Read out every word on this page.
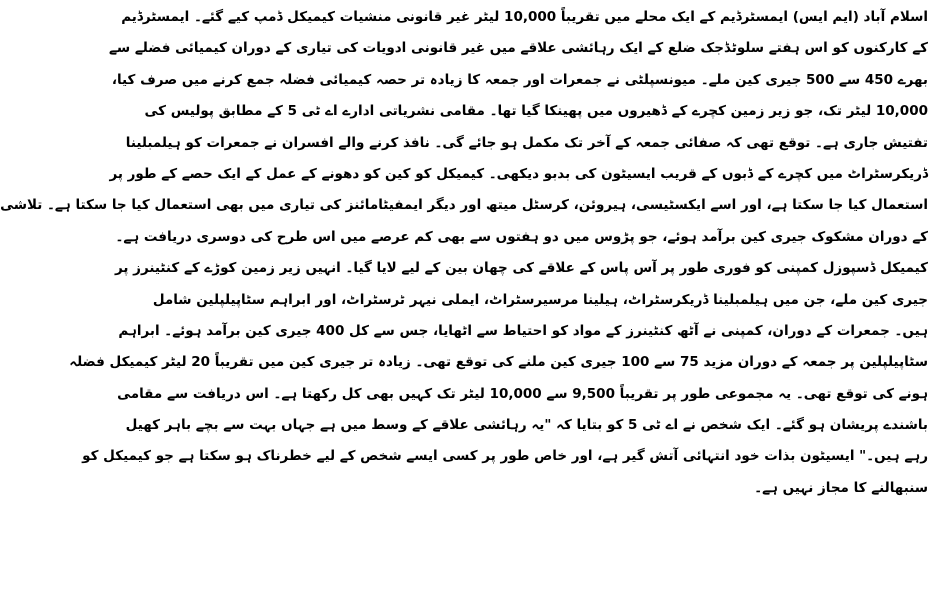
اسلام آباد (ایم ایس) ایمسٹرڈیم کے ایک محلے میں تقریباً 10,000 لیٹر غیر قانونی منشیات کیمیکل ڈمپ کیے گئے۔ ایمسٹرڈیم
کے کارکنوں کو اس ہفتے سلوٹڈجک ضلع کے ایک رہائشی علاقے میں غیر قانونی ادویات کی تیاری کے دوران کیمیائی فضلے سے
بھرے 450 سے 500 جیری کین ملے۔ میونسپلٹی نے جمعرات اور جمعہ کا زیادہ تر حصہ کیمیائی فضلہ جمع کرنے میں صرف کیا،
10,000 لیٹر تک، جو زیر زمین کچرے کے ڈھیروں میں پھینکا گیا تھا۔ مقامی نشریاتی ادارے اے ٹی 5 کے مطابق پولیس کی
تفتیش جاری ہے۔ توقع تھی کہ صفائی جمعہ کے آخر تک مکمل ہو جائے گی۔ نافذ کرنے والے افسران نے جمعرات کو ہیلمبلینا
ڈریکرسٹراٹ میں کچرے کے ڈبوں کے قریب ایسیٹون کی بدبو دیکھی۔ کیمیکل کو کین کو دھونے کے عمل کے ایک حصے کے طور پر
استعمال کیا جا سکتا ہے، اور اسے ایکسٹیسی، ہیروئن، کرسٹل میتھ اور دیگر ایمفیٹامائنز کی تیاری میں بھی استعمال کیا جا سکتا ہے۔ تلاشی
کے دوران مشکوک جیری کین برآمد ہوئے، جو پڑوس میں دو ہفتوں سے بھی کم عرصے میں اس طرح کی دوسری دریافت ہے۔
کیمیکل ڈسپوزل کمپنی کو فوری طور پر آس پاس کے علاقے کی چھان بین کے لیے لایا گیا۔ انہیں زیر زمین کوڑے کے کنٹینرز پر
جیری کین ملے، جن میں ہیلمبلینا ڈریکرسٹراٹ، ہیلینا مرسیرسٹراٹ، ایملی نیہر ٹرسٹراٹ، اور ابراہم سٹاپیلپلین شامل
ہیں۔ جمعرات کے دوران، کمپنی نے آٹھ کنٹینرز کے مواد کو احتیاط سے اٹھایا، جس سے کل 400 جیری کین برآمد ہوئے۔ ابراہم
سٹاپیلپلین پر جمعہ کے دوران مزید 75 سے 100 جیری کین ملنے کی توقع تھی۔ زیادہ تر جیری کین میں تقریباً 20 لیٹر کیمیکل فضلہ
ہونے کی توقع تھی۔ یہ مجموعی طور پر تقریباً 9,500 سے 10,000 لیٹر تک کہیں بھی کل رکھتا ہے۔ اس دریافت سے مقامی
باشندے پریشان ہو گئے۔ ایک شخص نے اے ٹی 5 کو بتایا کہ "یہ رہائشی علاقے کے وسط میں ہے جہاں بہت سے بچے باہر کھیل
رہے ہیں۔" ایسیٹون بذات خود انتہائی آتش گیر ہے، اور خاص طور پر کسی ایسے شخص کے لیے خطرناک ہو سکتا ہے جو کیمیکل کو
سنبھالنے کا مجاز نہیں ہے۔
